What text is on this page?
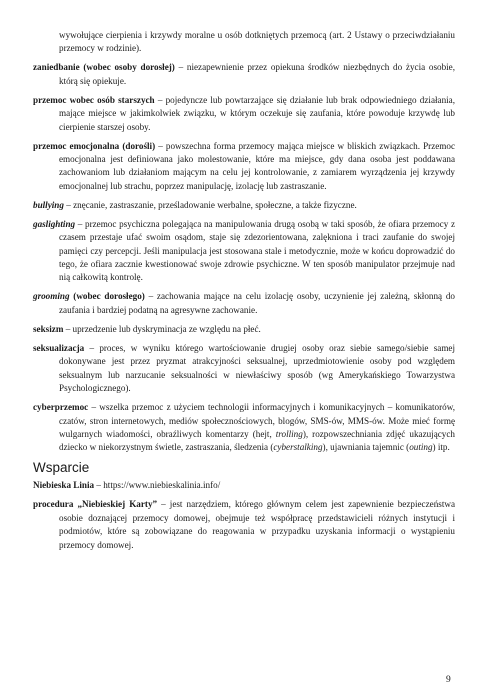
wywołujące cierpienia i krzywdy moralne u osób dotkniętych przemocą (art. 2 Ustawy o przeciwdziałaniu przemocy w rodzinie).

zaniedbanie (wobec osoby dorosłej) – niezapewnienie przez opiekuna środków niezbędnych do życia osobie, którą się opiekuje.

przemoc wobec osób starszych – pojedyncze lub powtarzające się działanie lub brak odpowiedniego działania, mające miejsce w jakimkolwiek związku, w którym oczekuje się zaufania, które powoduje krzywdę lub cierpienie starszej osoby.

przemoc emocjonalna (dorośli) – powszechna forma przemocy mająca miejsce w bliskich związkach. Przemoc emocjonalna jest definiowana jako molestowanie, które ma miejsce, gdy dana osoba jest poddawana zachowaniom lub działaniom mającym na celu jej kontrolowanie, z zamiarem wyrządzenia jej krzywdy emocjonalnej lub strachu, poprzez manipulację, izolację lub zastraszanie.

bullying – znęcanie, zastraszanie, prześladowanie werbalne, społeczne, a także fizyczne.

gaslighting – przemoc psychiczna polegająca na manipulowania drugą osobą w taki sposób, że ofiara przemocy z czasem przestaje ufać swoim osądom, staje się zdezorientowana, zalękniona i traci zaufanie do swojej pamięci czy percepcji. Jeśli manipulacja jest stosowana stale i metodycznie, może w końcu doprowadzić do tego, że ofiara zacznie kwestionować swoje zdrowie psychiczne. W ten sposób manipulator przejmuje nad nią całkowitą kontrolę.

grooming (wobec dorosłego) – zachowania mające na celu izolację osoby, uczynienie jej zależną, skłonną do zaufania i bardziej podatną na agresywne zachowanie.

seksizm – uprzedzenie lub dyskryminacja ze względu na płeć.

seksualizacja – proces, w wyniku którego wartościowanie drugiej osoby oraz siebie samego/siebie samej dokonywane jest przez pryzmat atrakcyjności seksualnej, uprzedmiotowienie osoby pod względem seksualnym lub narzucanie seksualności w niewłaściwy sposób (wg Amerykańskiego Towarzystwa Psychologicznego).

cyberprzemoc – wszelka przemoc z użyciem technologii informacyjnych i komunikacyjnych – komunikatorów, czatów, stron internetowych, mediów społecznościowych, blogów, SMS-ów, MMS-ów. Może mieć formę wulgarnych wiadomości, obraźliwych komentarzy (hejt, trolling), rozpowszechniania zdjęć ukazujących dziecko w niekorzystnym świetle, zastraszania, śledzenia (cyberstalking), ujawniania tajemnic (outing) itp.

Wsparcie

Niebieska Linia – https://www.niebieskalinia.info/

procedura „Niebieskiej Karty” – jest narzędziem, którego głównym celem jest zapewnienie bezpieczeństwa osobie doznającej przemocy domowej, obejmuje też współpracę przedstawicieli różnych instytucji i podmiotów, które są zobowiązane do reagowania w przypadku uzyskania informacji o wystąpieniu przemocy domowej.

9
